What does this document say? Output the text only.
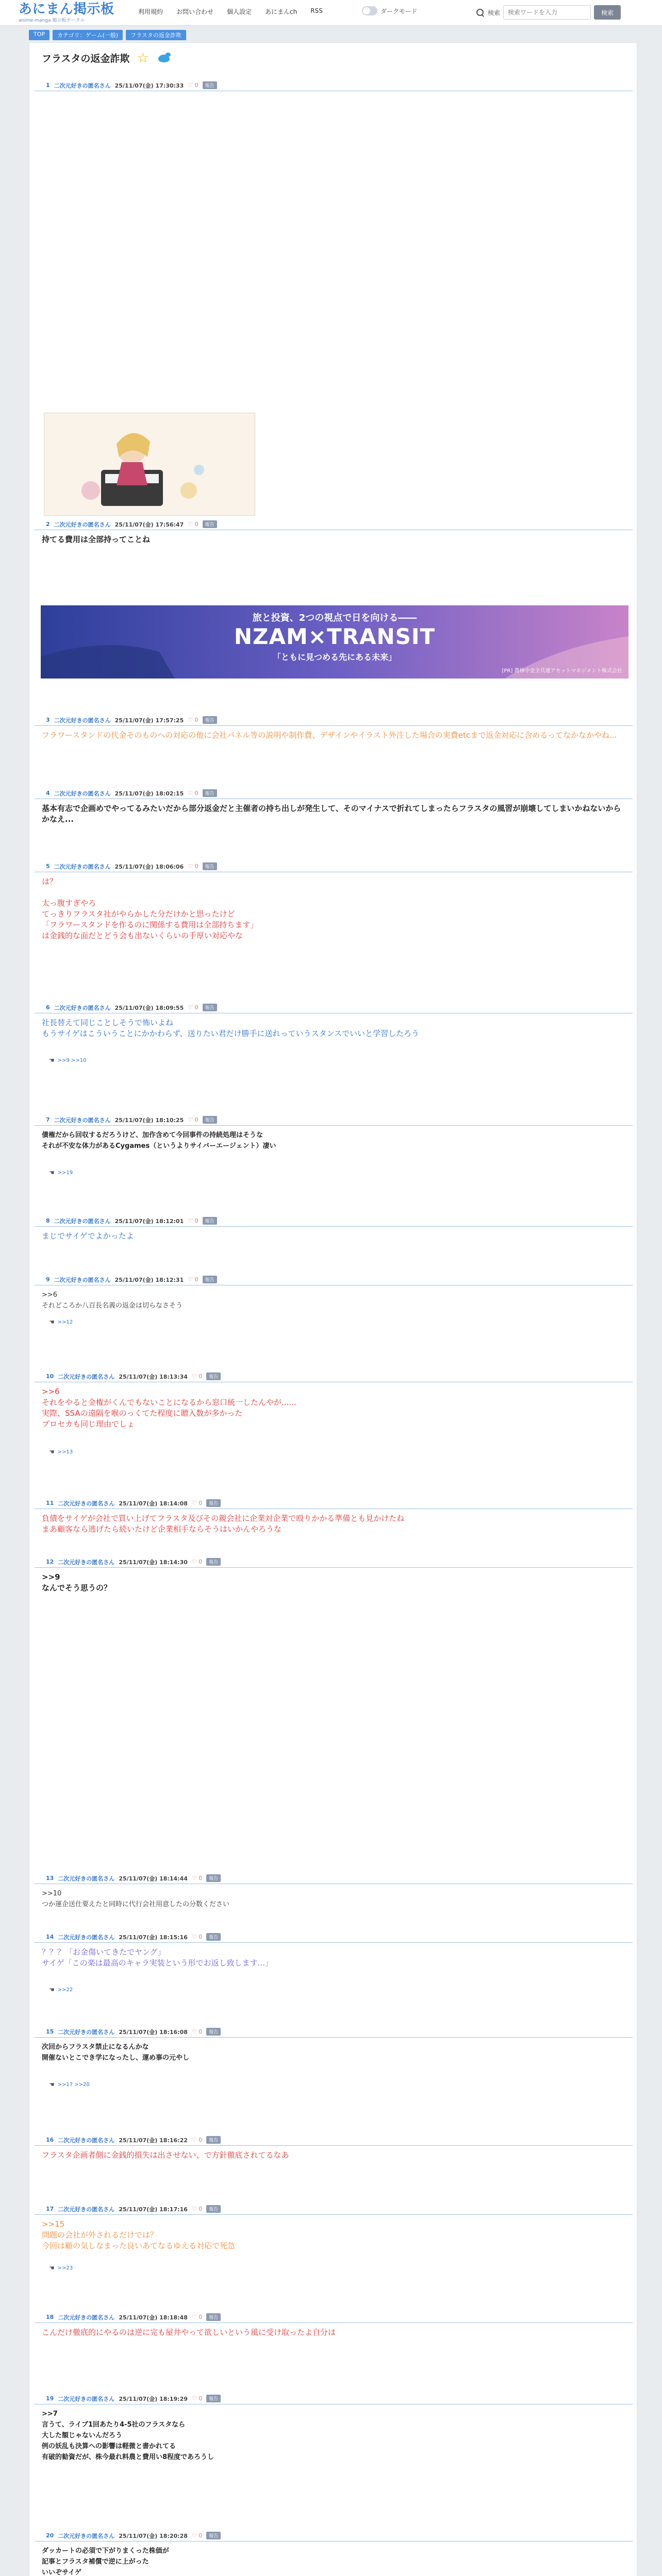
あにまん掲示板
anime-manga 掲示板ポータル
利用規約 お問い合わせ 個人設定 あにまんch RSS	ダークモード	検索
検索ワードを入力	検索
TOP	カテゴリ：ゲーム(一般)	フラスタの返金詐欺
フラスタの返金詐欺 ☆
1 二次元好きの匿名さん 25/11/07(金) 17:30:33 ♡ 0	報告
2 二次元好きの匿名さん 25/11/07(金) 17:56:47 ♡ 0	報告

持てる費用は全部持ってことね

旅と投資、2つの視点で日を向ける――
NZAM×TRANSIT
「ともに見つめる先にある未来」
[PR] 農林中金全共連アセットマネジメント株式会社
3 二次元好きの匿名さん 25/11/07(金) 17:57:25 ♡ 0	報告

フラワースタンドの代金そのものへの対応の他に会社パネル等の説明や制作費、デザインやイラスト外注した場合の実費etcまで返金対応に含めるってなかなかやね...

4 二次元好きの匿名さん 25/11/07(金) 18:02:15 ♡ 0	報告

基本有志で企画めでやってるみたいだから部分返金だと主催者の持ち出しが発生して、そのマイナスで折れてしまったらフラスタの風習が崩壊してしまいかねないからかなえ...

5 二次元好きの匿名さん 25/11/07(金) 18:06:06 ♡ 0	報告

は？

太っ腹すぎやろ
てっきりフラスタ社がやらかした分だけかと思ったけど
「フラワースタンドを作るのに関係する費用は全部持ちます」
は金銭的な面だとどう会も出ないくらいの手厚い対応やな

6 二次元好きの匿名さん 25/11/07(金) 18:09:55 ♡ 0	報告

社長替えて同じことしそうで怖いよね
もうサイゲはこういうことにかかわらず、送りたい君だけ勝手に送れっていうスタンスでいいと学習したろう

☚ >>9 >>10
7 二次元好きの匿名さん 25/11/07(金) 18:10:25 ♡ 0	報告

債権だから回収するだろうけど、加作含めて今回事件の持続処理はそうな
それが不安な体力があるCygames（というよりサイバーエージェント）凄い

☚ >>19
8 二次元好きの匿名さん 25/11/07(金) 18:12:01 ♡ 0	報告

まじでサイゲでよかったよ

9 二次元好きの匿名さん 25/11/07(金) 18:12:31 ♡ 0	報告

>>6
それどころか八百長名義の返金は切らなさそう

☚ >>12
10 二次元好きの匿名さん 25/11/07(金) 18:13:34 ♡ 0	報告

>>6
それをやると金権がくんでもないことになるから窓口統一したんやが......
実際、SSAの遠隔を喉のっくてた程度に贈入数が多かった
プロセカも同じ理由でしょ

☚ >>13
11 二次元好きの匿名さん 25/11/07(金) 18:14:08 ♡ 0	報告

負債をサイゲが会社で買い上げてフラスタ及びその親会社に企業対企業で殴りかかる準備とも見かけたね
まあ顧客なら逃げたら続いたけど企業相手ならそうはいかんやろうな

12 二次元好きの匿名さん 25/11/07(金) 18:14:30 ♡ 0	報告

>>9
なんでそう思うの？

13 二次元好きの匿名さん 25/11/07(金) 18:14:44 ♡ 0	報告

>>10
つか運企送仕要えたと同時に代行会社用意したの分数ください

14 二次元好きの匿名さん 25/11/07(金) 18:15:16 ♡ 0	報告

？？？「お金傷いてきたでヤング」
サイゲ「この楽は最高のキャラ実装という形でお返し致します...」

☚ >>22
15 二次元好きの匿名さん 25/11/07(金) 18:16:08 ♡ 0	報告

次回からフラスタ禁止になるんかな
開催ないとこでき学になったし、運め事の元やし

☚ >>17 >>20
16 二次元好きの匿名さん 25/11/07(金) 18:16:22 ♡ 0	報告

フラスタ企画者側に金銭的損失は出させない、で方針徹底されてるなあ

17 二次元好きの匿名さん 25/11/07(金) 18:17:16 ♡ 0	報告

>>15
問題の会社が外されるだけでは？
今回は顧の気しなまった良いあてなるゆえる対応で死急

☚ >>23
18 二次元好きの匿名さん 25/11/07(金) 18:18:48 ♡ 0	報告

こんだけ徹底的にやるのは逆に完も屋井やって欲しいという風に受け取ったよ自分は

19 二次元好きの匿名さん 25/11/07(金) 18:19:29 ♡ 0	報告

>>7
言うて、ライブ1回あたり4-5社のフラスタなら
大した額じゃないんだろう
例の妖乱も決算への影響は軽微と書かれてる
有破的勧資だが、株今最れ料農と費用い8程度であろうし

20 二次元好きの匿名さん 25/11/07(金) 18:20:28 ♡ 0	報告

ダッカートの必須で下がりまくった株価が
記事とフラスタ補償で逆に上がった
いいぞサイゲ
